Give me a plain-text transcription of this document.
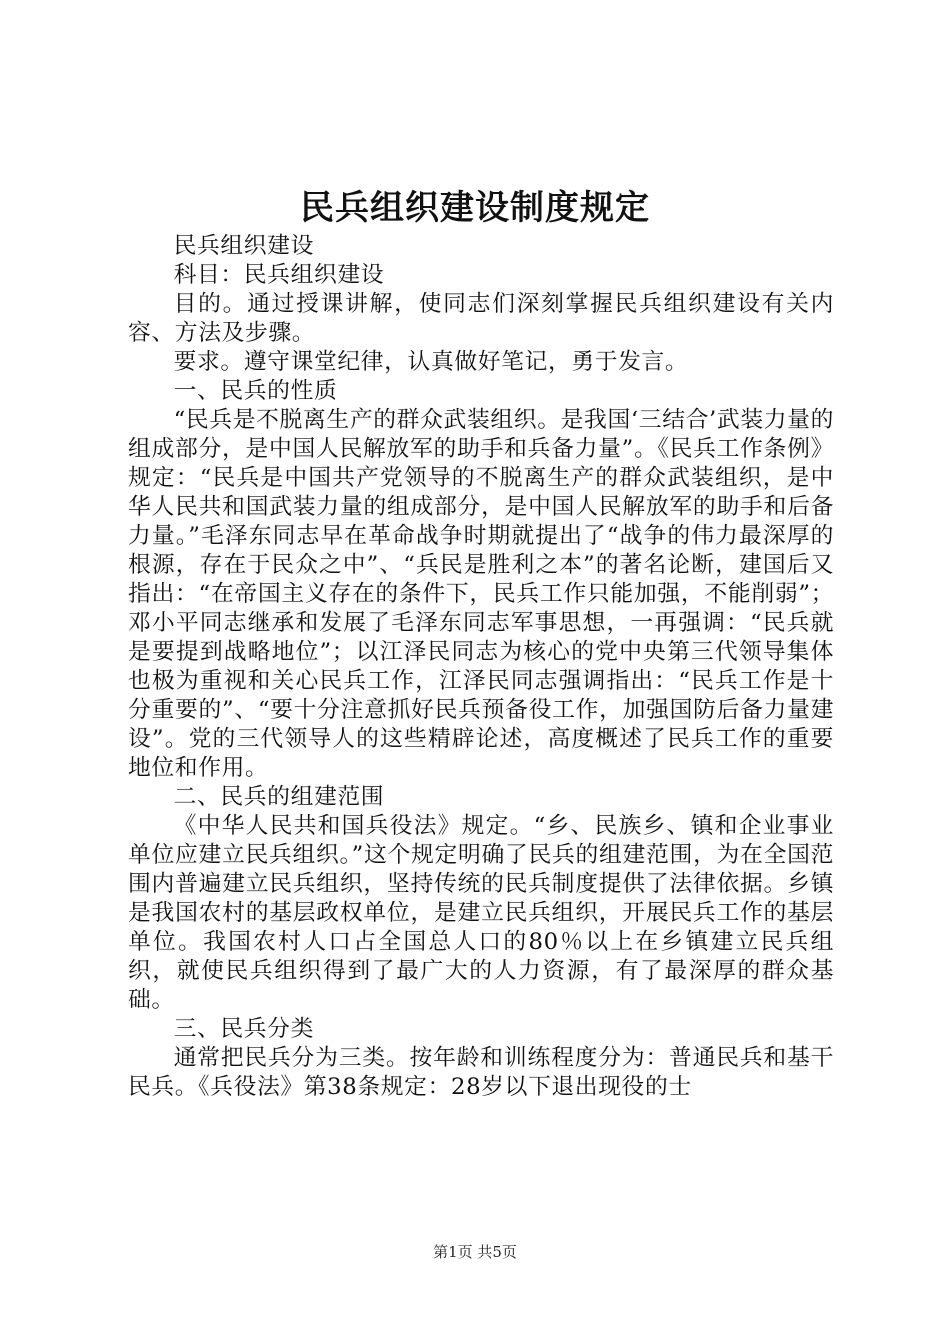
民兵组织建设制度规定

民兵组织建设

科目：民兵组织建设

目的。通过授课讲解，使同志们深刻掌握民兵组织建设有关内容、方法及步骤。

要求。遵守课堂纪律，认真做好笔记，勇于发言。

一、民兵的性质

“民兵是不脱离生产的群众武装组织。是我国‘三结合’武装力量的组成部分，是中国人民解放军的助手和兵备力量”。《民兵工作条例》规定：“民兵是中国共产党领导的不脱离生产的群众武装组织，是中华人民共和国武装力量的组成部分，是中国人民解放军的助手和后备力量。”毛泽东同志早在革命战争时期就提出了“战争的伟力最深厚的根源，存在于民众之中”、“兵民是胜利之本”的著名论断，建国后又指出：“在帝国主义存在的条件下，民兵工作只能加强，不能削弱”；邓小平同志继承和发展了毛泽东同志军事思想，一再强调：“民兵就是要提到战略地位”；以江泽民同志为核心的党中央第三代领导集体也极为重视和关心民兵工作，江泽民同志强调指出：“民兵工作是十分重要的”、“要十分注意抓好民兵预备役工作，加强国防后备力量建设”。党的三代领导人的这些精辟论述，高度概述了民兵工作的重要地位和作用。

二、民兵的组建范围

《中华人民共和国兵役法》规定。“乡、民族乡、镇和企业事业单位应建立民兵组织。”这个规定明确了民兵的组建范围，为在全国范围内普遍建立民兵组织，坚持传统的民兵制度提供了法律依据。乡镇是我国农村的基层政权单位，是建立民兵组织，开展民兵工作的基层单位。我国农村人口占全国总人口的80％以上在乡镇建立民兵组织，就使民兵组织得到了最广大的人力资源，有了最深厚的群众基础。

三、民兵分类

通常把民兵分为三类。按年龄和训练程度分为：普通民兵和基干民兵。《兵役法》第38条规定：28岁以下退出现役的士

第1页 共5页
